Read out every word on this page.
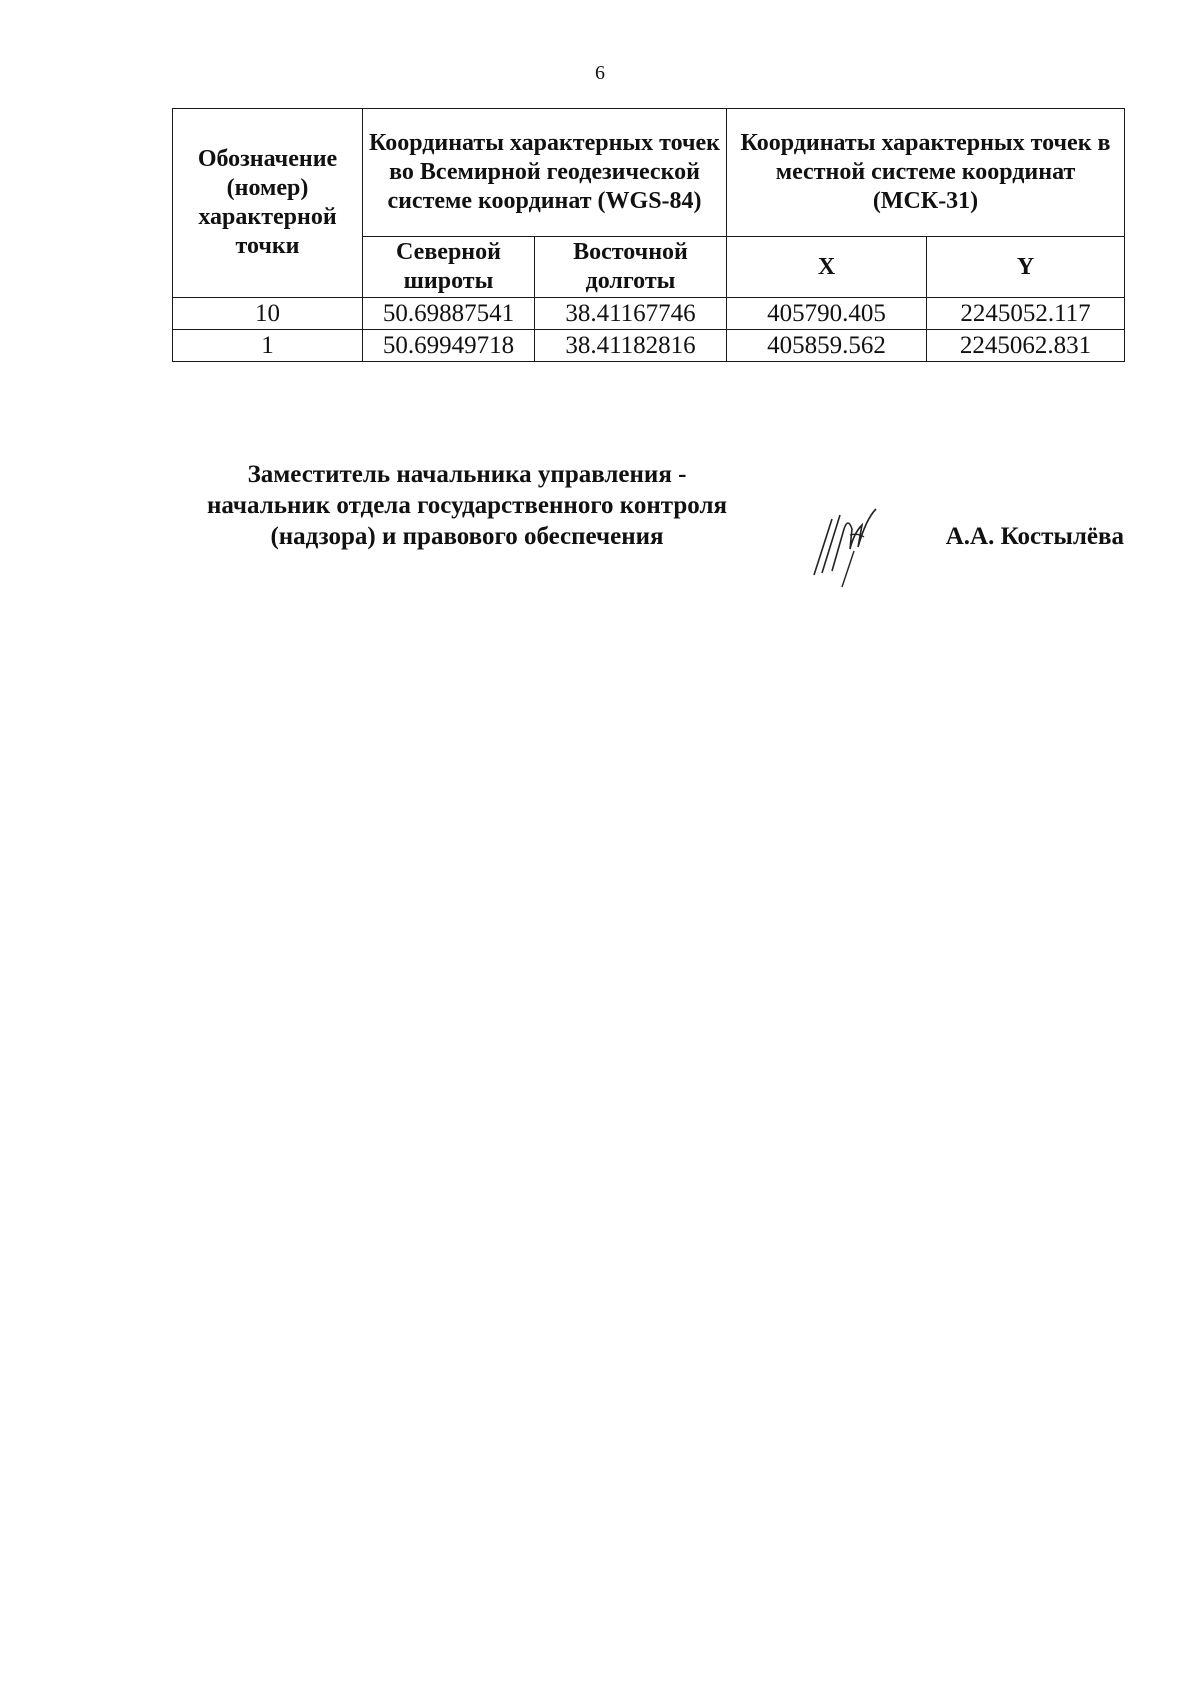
6
Обозначение (номер) характерной точки	Координаты характерных точек во Всемирной геодезической системе координат (WGS-84)		Координаты характерных точек в местной системе координат (МСК-31)	
	Северной широты	Восточной долготы	X	Y
10	50.69887541	38.41167746	405790.405	2245052.117
1	50.69949718	38.41182816	405859.562	2245062.831
Заместитель начальника управления -
начальник отдела государственного контроля
(надзора) и правового обеспечения	А.А. Костылёва
